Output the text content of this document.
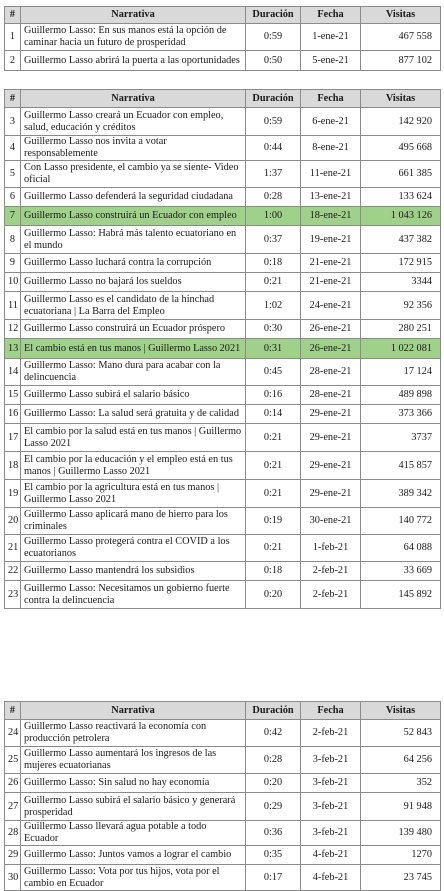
#	Narrativa	Duración	Fecha	Visitas
1	Guillermo Lasso: En sus manos está la opción de caminar hacia un futuro de prosperidad	0:59	1-ene-21	467 558
2	Guillermo Lasso abrirá la puerta a las oportunidades	0:50	5-ene-21	877 102
#	Narrativa	Duración	Fecha	Visitas
3	Guillermo Lasso creará un Ecuador con empleo, salud, educación y créditos	0:59	6-ene-21	142 920
4	Guillermo Lasso nos invita a votar responsablemente	0:44	8-ene-21	495 668
5	Con Lasso presidente, el cambio ya se siente- Video oficial	1:37	11-ene-21	661 385
6	Guillermo Lasso defenderá la seguridad ciudadana	0:28	13-ene-21	133 624
7	Guillermo Lasso construirá un Ecuador con empleo	1:00	18-ene-21	1 043 126
8	Guillermo Lasso: Habrá más talento ecuatoriano en el mundo	0:37	19-ene-21	437 382
9	Guillermo Lasso luchará contra la corrupción	0:18	21-ene-21	172 915
10	Guillermo Lasso no bajará los sueldos	0:21	21-ene-21	3344
11	Guillermo Lasso es el candidato de la hinchad ecuatoriana | La Barra del Empleo	1:02	24-ene-21	92 356
12	Guillermo Lasso construirá un Ecuador próspero	0:30	26-ene-21	280 251
13	El cambio está en tus manos | Guillermo Lasso 2021	0:31	26-ene-21	1 022 081
14	Guillermo Lasso: Mano dura para acabar con la delincuencia	0:45	28-ene-21	17 124
15	Guillermo Lasso subirá el salario básico	0:16	28-ene-21	489 898
16	Guillermo Lasso: La salud será gratuita y de calidad	0:14	29-ene-21	373 366
17	El cambio por la salud está en tus manos | Guillermo Lasso 2021	0:21	29-ene-21	3737
18	El cambio por la educación y el empleo está en tus manos | Guillermo Lasso 2021	0:21	29-ene-21	415 857
19	El cambio por la agricultura está en tus manos | Guillermo Lasso 2021	0:21	29-ene-21	389 342
20	Guillermo Lasso aplicará mano de hierro para los criminales	0:19	30-ene-21	140 772
21	Guillermo Lasso protegerá contra el COVID a los ecuatorianos	0:21	1-feb-21	64 088
22	Guillermo Lasso mantendrá los subsidios	0:18	2-feb-21	33 669
23	Guillermo Lasso: Necesitamos un gobierno fuerte contra la delincuencia	0:20	2-feb-21	145 892
#	Narrativa	Duración	Fecha	Visitas
24	Guillermo Lasso reactivará la economía con producción petrolera	0:42	2-feb-21	52 843
25	Guillermo Lasso aumentará los ingresos de las mujeres ecuatorianas	0:28	3-feb-21	64 256
26	Guillermo Lasso: Sin salud no hay economía	0:20	3-feb-21	352
27	Guillermo Lasso subirá el salario básico y generará prosperidad	0:29	3-feb-21	91 948
28	Guillermo Lasso llevará agua potable a todo Ecuador	0:36	3-feb-21	139 480
29	Guillermo Lasso: Juntos vamos a lograr el cambio	0:35	4-feb-21	1270
30	Guillermo Lasso: Vota por tus hijos, vota por el cambio en Ecuador	0:17	4-feb-21	23 745
